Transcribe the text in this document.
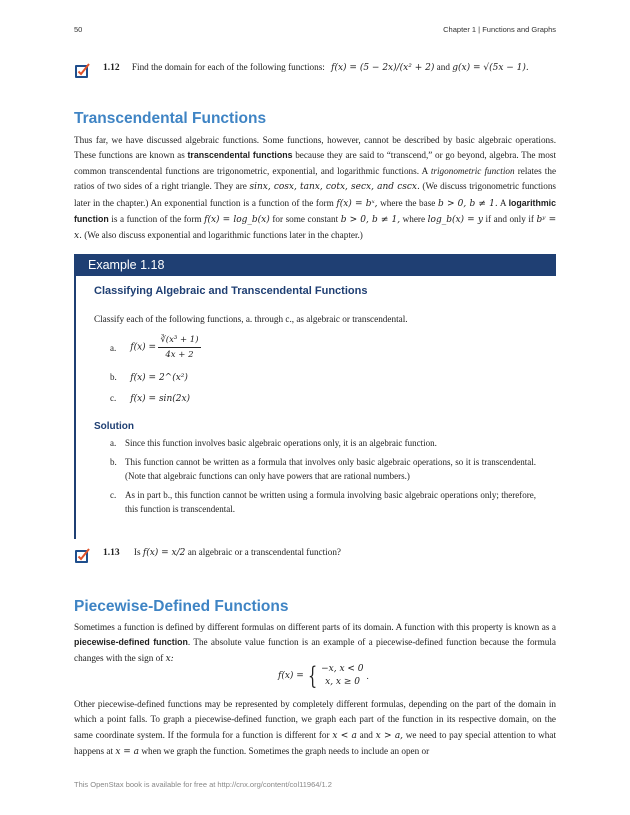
50	Chapter 1 | Functions and Graphs
1.12 Find the domain for each of the following functions: f(x) = (5 − 2x)/(x² + 2) and g(x) = √(5x − 1).
Transcendental Functions
Thus far, we have discussed algebraic functions. Some functions, however, cannot be described by basic algebraic operations. These functions are known as transcendental functions because they are said to “transcend,” or go beyond, algebra. The most common transcendental functions are trigonometric, exponential, and logarithmic functions. A trigonometric function relates the ratios of two sides of a right triangle. They are sinx, cosx, tanx, cotx, secx, and cscx. (We discuss trigonometric functions later in the chapter.) An exponential function is a function of the form f(x) = bˣ, where the base b > 0, b ≠ 1. A logarithmic function is a function of the form f(x) = log_b(x) for some constant b > 0, b ≠ 1, where log_b(x) = y if and only if bʸ = x. (We also discuss exponential and logarithmic functions later in the chapter.)
Example 1.18
Classifying Algebraic and Transcendental Functions
Classify each of the following functions, a. through c., as algebraic or transcendental.
a. $f(x) = \frac{\text{∛(x³ + 1)}}{4x + 2}$
b. f(x) = 2^(x²)
c. f(x) = sin(2x)
Solution
a. Since this function involves basic algebraic operations only, it is an algebraic function.
b. This function cannot be written as a formula that involves only basic algebraic operations, so it is transcendental. (Note that algebraic functions can only have powers that are rational numbers.)
c. As in part b., this function cannot be written using a formula involving basic algebraic operations only; therefore, this function is transcendental.
1.13 Is f(x) = x/2 an algebraic or a transcendental function?
Piecewise-Defined Functions
Sometimes a function is defined by different formulas on different parts of its domain. A function with this property is known as a piecewise-defined function. The absolute value function is an example of a piecewise-defined function because the formula changes with the sign of x:
f(x) = { −x, x < 0
x, x ≥ 0
.
Other piecewise-defined functions may be represented by completely different formulas, depending on the part of the domain in which a point falls. To graph a piecewise-defined function, we graph each part of the function in its respective domain, on the same coordinate system. If the formula for a function is different for x < a and x > a, we need to pay special attention to what happens at x = a when we graph the function. Sometimes the graph needs to include an open or
This OpenStax book is available for free at http://cnx.org/content/col11964/1.2
